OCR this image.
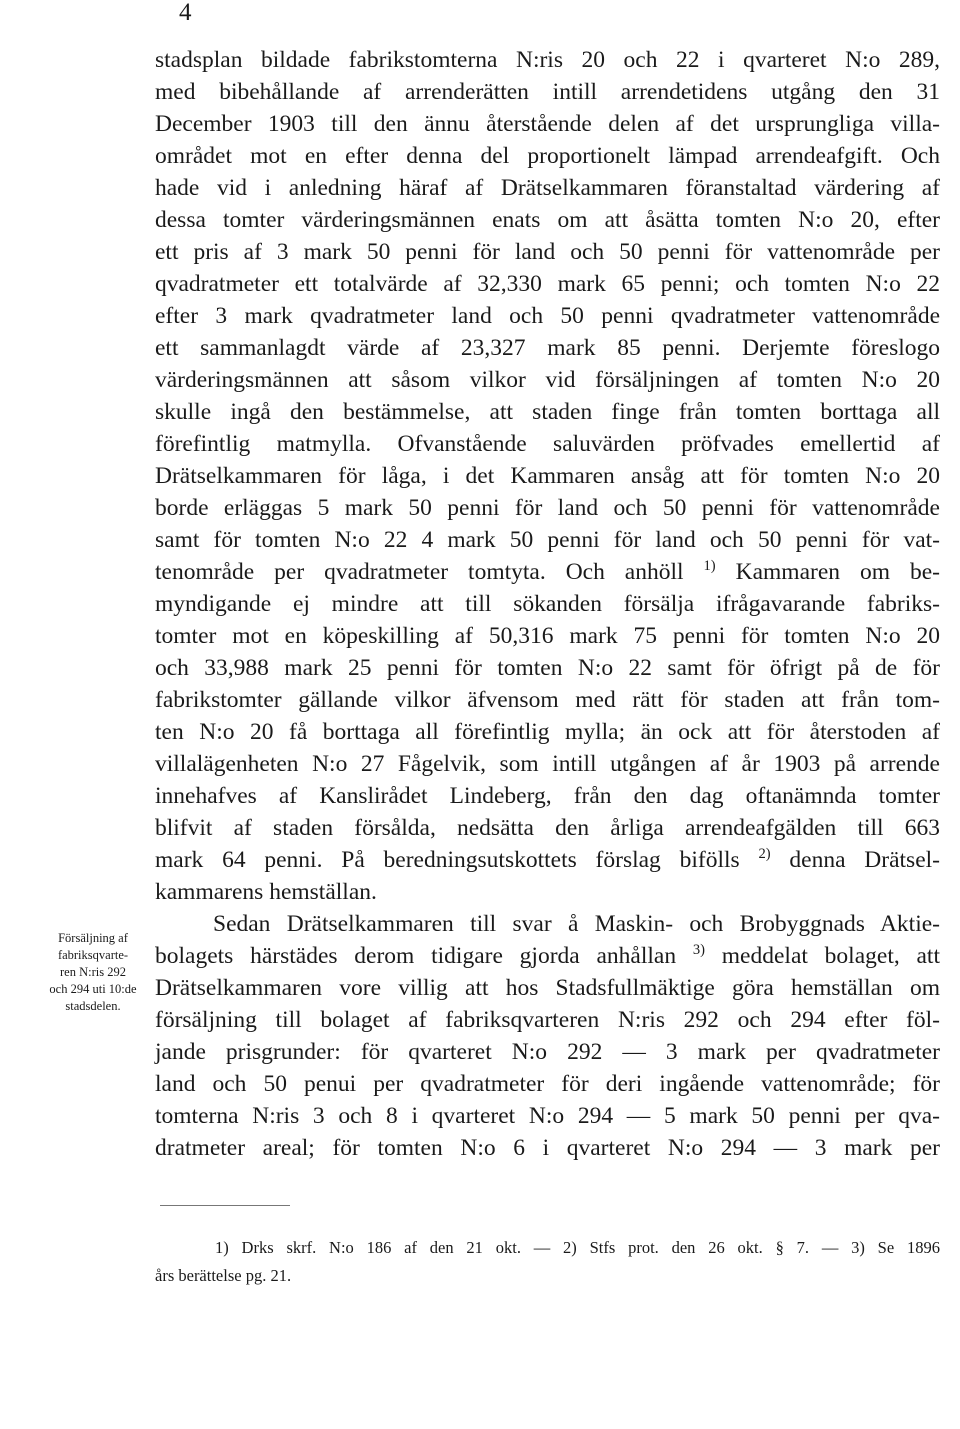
4
stadsplan bildade fabrikstomterna N:ris 20 och 22 i qvarteret N:o 289,
med bibehållande af arrenderätten intill arrendetidens utgång den 31
December 1903 till den ännu återstående delen af det ursprungliga villa-
området mot en efter denna del proportionelt lämpad arrendeafgift. Och
hade vid i anledning häraf af Drätselkammaren föranstaltad värdering af
dessa tomter värderingsmännen enats om att åsätta tomten N:o 20, efter
ett pris af 3 mark 50 penni för land och 50 penni för vattenområde per
qvadratmeter ett totalvärde af 32,330 mark 65 penni; och tomten N:o 22
efter 3 mark qvadratmeter land och 50 penni qvadratmeter vattenområde
ett sammanlagdt värde af 23,327 mark 85 penni. Derjemte föreslogo
värderingsmännen att såsom vilkor vid försäljningen af tomten N:o 20
skulle ingå den bestämmelse, att staden finge från tomten borttaga all
förefintlig matmylla. Ofvanstående saluvärden pröfvades emellertid af
Drätselkammaren för låga, i det Kammaren ansåg att för tomten N:o 20
borde erläggas 5 mark 50 penni för land och 50 penni för vattenområde
samt för tomten N:o 22 4 mark 50 penni för land och 50 penni för vat-
tenområde per qvadratmeter tomtyta. Och anhöll $^{1)}$ Kammaren om be-
myndigande ej mindre att till sökanden försälja ifrågavarande fabriks-
tomter mot en köpeskilling af 50,316 mark 75 penni för tomten N:o 20
och 33,988 mark 25 penni för tomten N:o 22 samt för öfrigt på de för
fabrikstomter gällande vilkor äfvensom med rätt för staden att från tom-
ten N:o 20 få borttaga all förefintlig mylla; än ock att för återstoden af
villalägenheten N:o 27 Fågelvik, som intill utgången af år 1903 på arrende
innehafves af Kanslirådet Lindeberg, från den dag oftanämnda tomter
blifvit af staden försålda, nedsätta den årliga arrendeafgälden till 663
mark 64 penni. På beredningsutskottets förslag bifölls $^{2)}$ denna Drätsel-
kammarens hemställan.
Sedan Drätselkammaren till svar å Maskin- och Brobyggnads Aktie-
bolagets härstädes derom tidigare gjorda anhållan $^{3)}$ meddelat bolaget, att
Drätselkammaren vore villig att hos Stadsfullmäktige göra hemställan om
försäljning till bolaget af fabriksqvarteren N:ris 292 och 294 efter föl-
jande prisgrunder: för qvarteret N:o 292 — 3 mark per qvadratmeter
land och 50 penui per qvadratmeter för deri ingående vattenområde; för
tomterna N:ris 3 och 8 i qvarteret N:o 294 — 5 mark 50 penni per qva-
dratmeter areal; för tomten N:o 6 i qvarteret N:o 294 — 3 mark per
Försäljning af
fabriksqvarte-
ren N:ris 292
och 294 uti 10:de
stadsdelen.
1) Drks skrf. N:o 186 af den 21 okt. — 2) Stfs prot. den 26 okt. § 7. — 3) Se 1896
års berättelse pg. 21.
